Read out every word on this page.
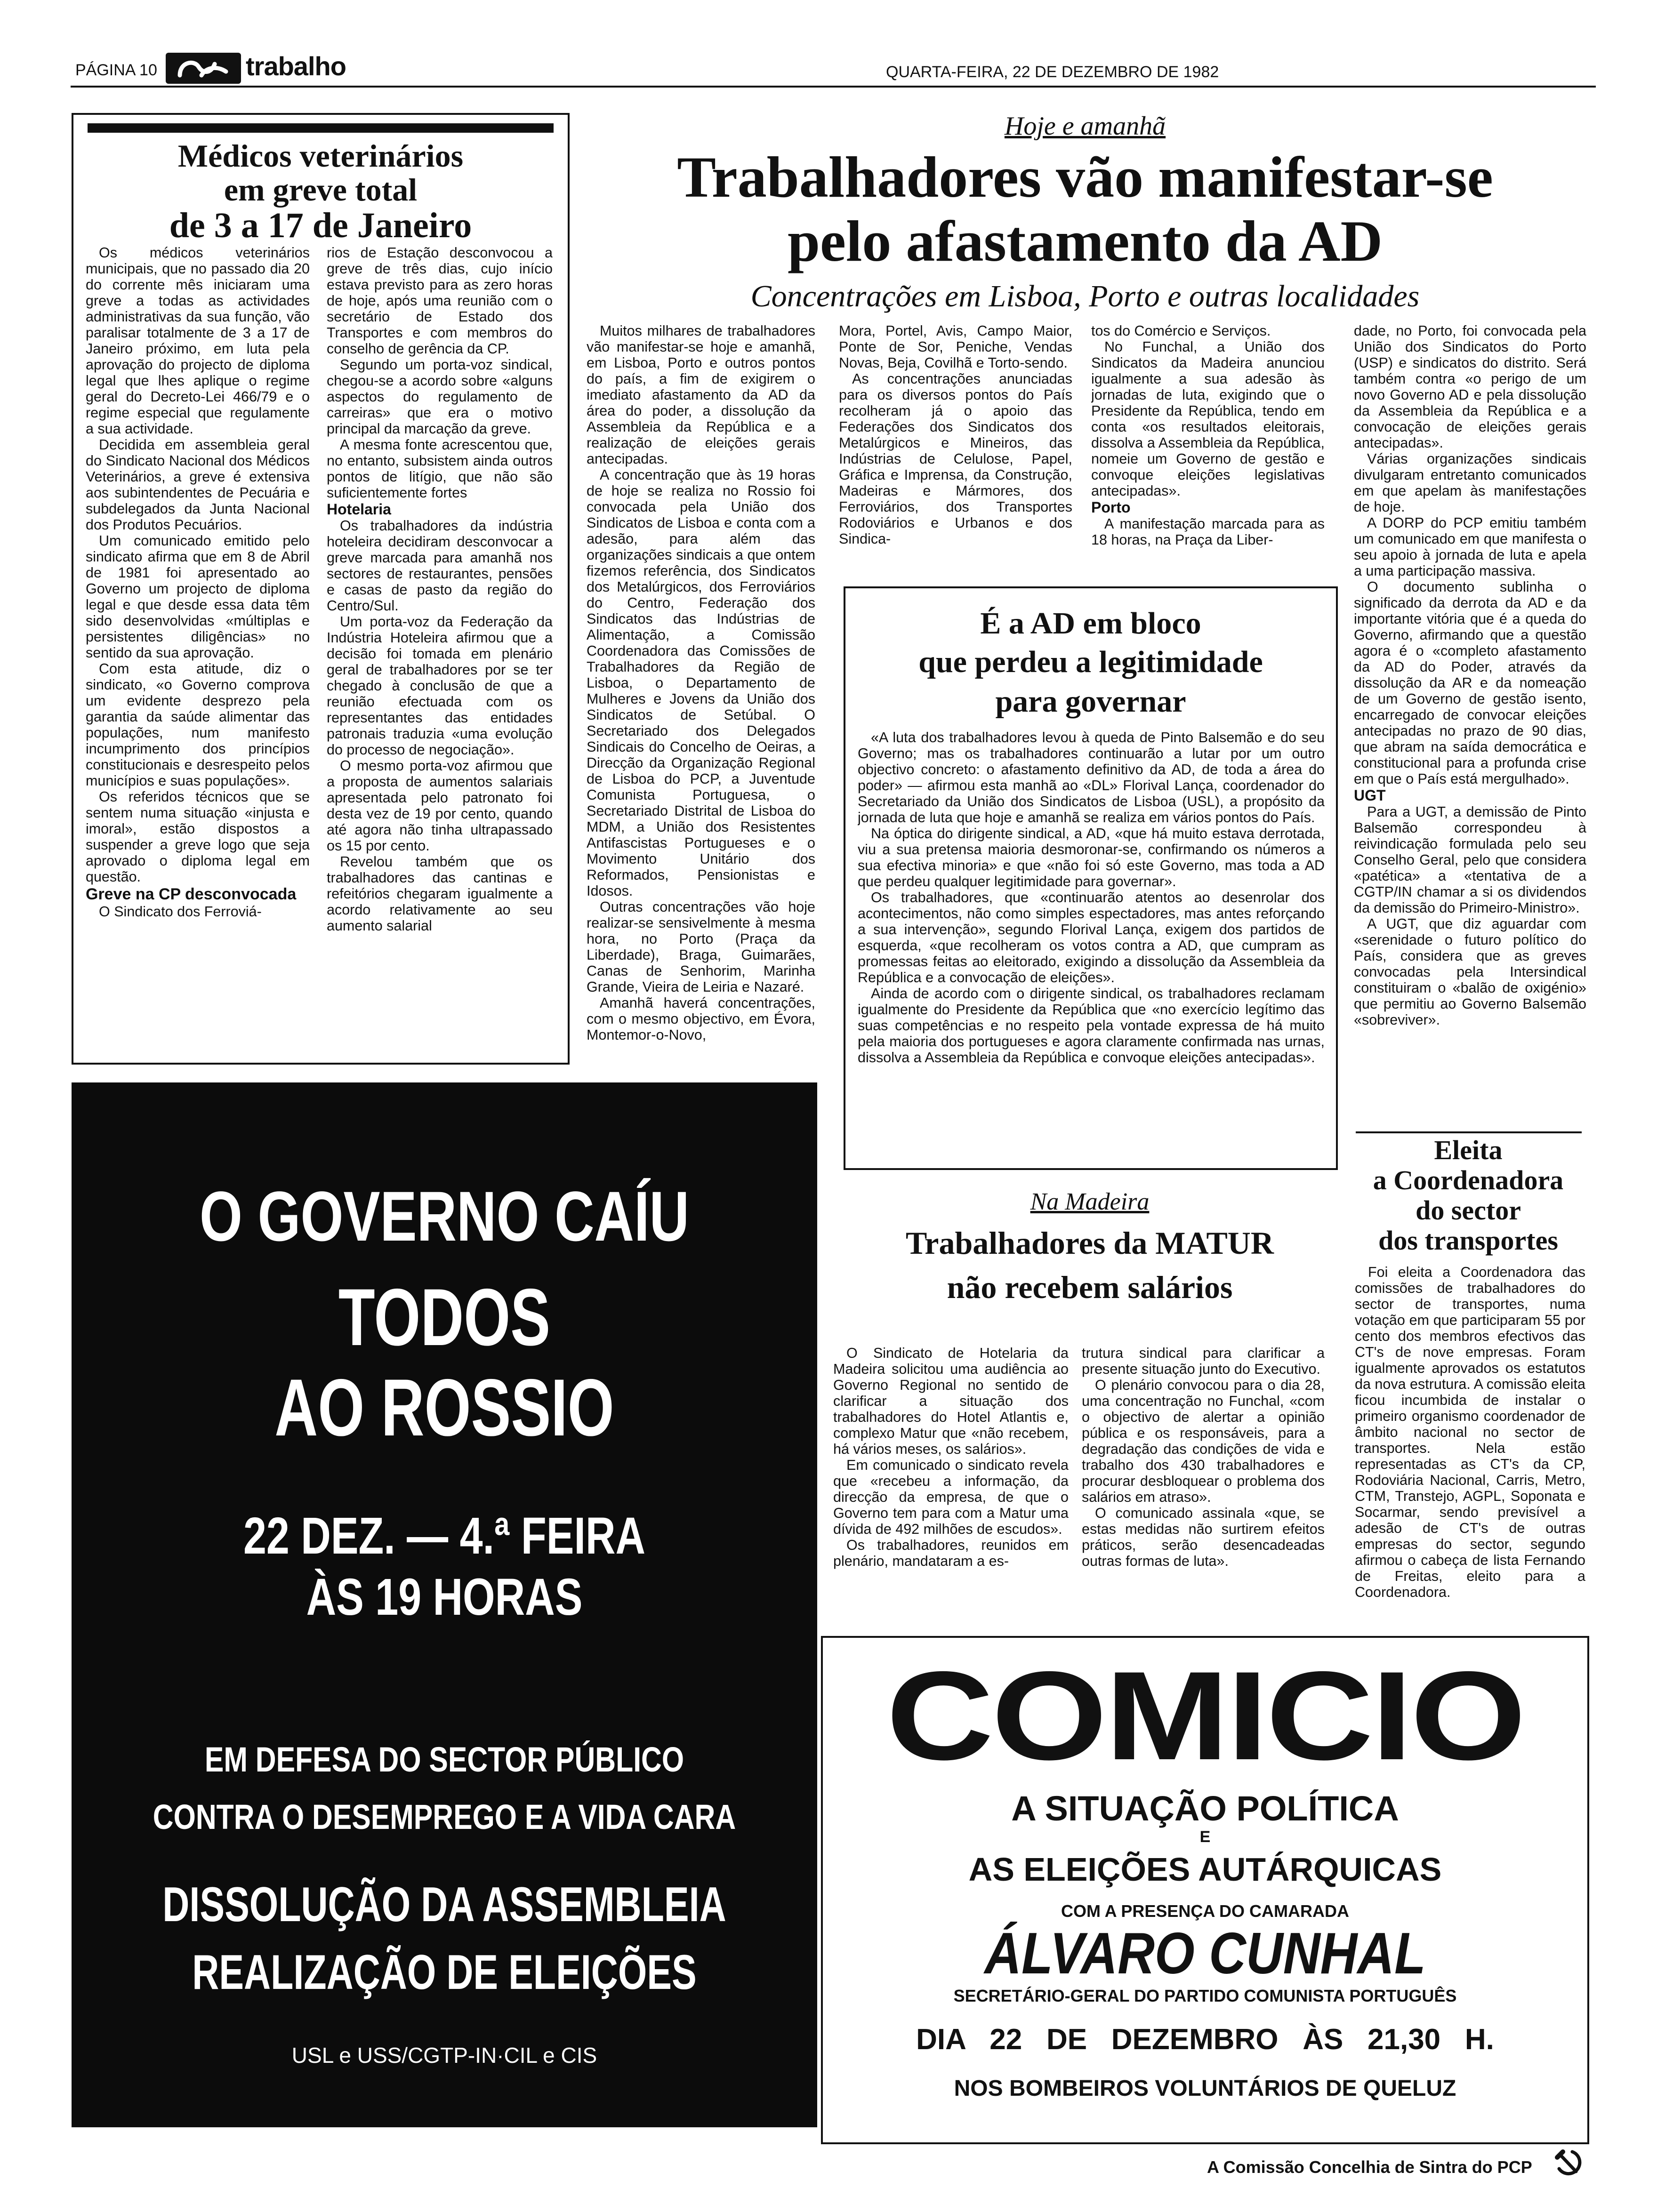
PÁGINA 10	trabalho	QUARTA-FEIRA, 22 DE DEZEMBRO DE 1982
Médicos veterinários
em greve total
de 3 a 17 de Janeiro

Os médicos veterinários municipais, que no passado dia 20 do corrente mês iniciaram uma greve a todas as actividades administrativas da sua função, vão paralisar totalmente de 3 a 17 de Janeiro próximo, em luta pela aprovação do projecto de diploma legal que lhes aplique o regime geral do Decreto-Lei 466/79 e o regime especial que regulamente a sua actividade.

Decidida em assembleia geral do Sindicato Nacional dos Médicos Veterinários, a greve é extensiva aos subintendentes de Pecuária e subdelegados da Junta Nacional dos Produtos Pecuários.

Um comunicado emitido pelo sindicato afirma que em 8 de Abril de 1981 foi apresentado ao Governo um projecto de diploma legal e que desde essa data têm sido desenvolvidas «múltiplas e persistentes diligências» no sentido da sua aprovação.

Com esta atitude, diz o sindicato, «o Governo comprova um evidente desprezo pela garantia da saúde alimentar das populações, num manifesto incumprimento dos princípios constitucionais e desrespeito pelos municípios e suas populações».

Os referidos técnicos que se sentem numa situação «injusta e imoral», estão dispostos a suspender a greve logo que seja aprovado o diploma legal em questão.

Greve na CP desconvocada

O Sindicato dos Ferroviá-

rios de Estação desconvocou a greve de três dias, cujo início estava previsto para as zero horas de hoje, após uma reunião com o secretário de Estado dos Transportes e com membros do conselho de gerência da CP.

Segundo um porta-voz sindical, chegou-se a acordo sobre «alguns aspectos do regulamento de carreiras» que era o motivo principal da marcação da greve.

A mesma fonte acrescentou que, no entanto, subsistem ainda outros pontos de litígio, que não são suficientemente fortes

Hotelaria

Os trabalhadores da indústria hoteleira decidiram desconvocar a greve marcada para amanhã nos sectores de restaurantes, pensões e casas de pasto da região do Centro/Sul.

Um porta-voz da Federação da Indústria Hoteleira afirmou que a decisão foi tomada em plenário geral de trabalhadores por se ter chegado à conclusão de que a reunião efectuada com os representantes das entidades patronais traduzia «uma evolução do processo de negociação».

O mesmo porta-voz afirmou que a proposta de aumentos salariais apresentada pelo patronato foi desta vez de 19 por cento, quando até agora não tinha ultrapassado os 15 por cento.

Revelou também que os trabalhadores das cantinas e refeitórios chegaram igualmente a acordo relativamente ao seu aumento salarial

Hoje e amanhã
Trabalhadores vão manifestar-se
pelo afastamento da AD
Concentrações em Lisboa, Porto e outras localidades

Muitos milhares de trabalhadores vão manifestar-se hoje e amanhã, em Lisboa, Porto e outros pontos do país, a fim de exigirem o imediato afastamento da AD da área do poder, a dissolução da Assembleia da República e a realização de eleições gerais antecipadas.

A concentração que às 19 horas de hoje se realiza no Rossio foi convocada pela União dos Sindicatos de Lisboa e conta com a adesão, para além das organizações sindicais a que ontem fizemos referência, dos Sindicatos dos Metalúrgicos, dos Ferroviários do Centro, Federação dos Sindicatos das Indústrias de Alimentação, a Comissão Coordenadora das Comissões de Trabalhadores da Região de Lisboa, o Departamento de Mulheres e Jovens da União dos Sindicatos de Setúbal. O Secretariado dos Delegados Sindicais do Concelho de Oeiras, a Direcção da Organização Regional de Lisboa do PCP, a Juventude Comunista Portuguesa, o Secretariado Distrital de Lisboa do MDM, a União dos Resistentes Antifascistas Portugueses e o Movimento Unitário dos Reformados, Pensionistas e Idosos.

Outras concentrações vão hoje realizar-se sensivelmente à mesma hora, no Porto (Praça da Liberdade), Braga, Guimarães, Canas de Senhorim, Marinha Grande, Vieira de Leiria e Nazaré.

Amanhã haverá concentrações, com o mesmo objectivo, em Évora, Montemor-o-Novo,

Mora, Portel, Avis, Campo Maior, Ponte de Sor, Peniche, Vendas Novas, Beja, Covilhã e Torto-sendo.

As concentrações anunciadas para os diversos pontos do País recolheram já o apoio das Federações dos Sindicatos dos Metalúrgicos e Mineiros, das Indústrias de Celulose, Papel, Gráfica e Imprensa, da Construção, Madeiras e Mármores, dos Ferroviários, dos Transportes Rodoviários e Urbanos e dos Sindica-

tos do Comércio e Serviços.

No Funchal, a União dos Sindicatos da Madeira anunciou igualmente a sua adesão às jornadas de luta, exigindo que o Presidente da República, tendo em conta «os resultados eleitorais, dissolva a Assembleia da República, nomeie um Governo de gestão e convoque eleições legislativas antecipadas».

Porto

A manifestação marcada para as 18 horas, na Praça da Liber-

dade, no Porto, foi convocada pela União dos Sindicatos do Porto (USP) e sindicatos do distrito. Será também contra «o perigo de um novo Governo AD e pela dissolução da Assembleia da República e a convocação de eleições gerais antecipadas».

Várias organizações sindicais divulgaram entretanto comunicados em que apelam às manifestações de hoje.

A DORP do PCP emitiu também um comunicado em que manifesta o seu apoio à jornada de luta e apela a uma participação massiva.

O documento sublinha o significado da derrota da AD e da importante vitória que é a queda do Governo, afirmando que a questão agora é o «completo afastamento da AD do Poder, através da dissolução da AR e da nomeação de um Governo de gestão isento, encarregado de convocar eleições antecipadas no prazo de 90 dias, que abram na saída democrática e constitucional para a profunda crise em que o País está mergulhado».

UGT

Para a UGT, a demissão de Pinto Balsemão correspondeu à reivindicação formulada pelo seu Conselho Geral, pelo que considera «patética» a «tentativa de a CGTP/IN chamar a si os dividendos da demissão do Primeiro-Ministro».

A UGT, que diz aguardar com «serenidade o futuro político do País, considera que as greves convocadas pela Intersindical constituiram o «balão de oxigénio» que permitiu ao Governo Balsemão «sobreviver».

É a AD em bloco
que perdeu a legitimidade
para governar

«A luta dos trabalhadores levou à queda de Pinto Balsemão e do seu Governo; mas os trabalhadores continuarão a lutar por um outro objectivo concreto: o afastamento definitivo da AD, de toda a área do poder» — afirmou esta manhã ao «DL» Florival Lança, coordenador do Secretariado da União dos Sindicatos de Lisboa (USL), a propósito da jornada de luta que hoje e amanhã se realiza em vários pontos do País.

Na óptica do dirigente sindical, a AD, «que há muito estava derrotada, viu a sua pretensa maioria desmoronar-se, confirmando os números a sua efectiva minoria» e que «não foi só este Governo, mas toda a AD que perdeu qualquer legitimidade para governar».

Os trabalhadores, que «continuarão atentos ao desenrolar dos acontecimentos, não como simples espectadores, mas antes reforçando a sua intervenção», segundo Florival Lança, exigem dos partidos de esquerda, «que recolheram os votos contra a AD, que cumpram as promessas feitas ao eleitorado, exigindo a dissolução da Assembleia da República e a convocação de eleições».

Ainda de acordo com o dirigente sindical, os trabalhadores reclamam igualmente do Presidente da República que «no exercício legítimo das suas competências e no respeito pela vontade expressa de há muito pela maioria dos portugueses e agora claramente confirmada nas urnas, dissolva a Assembleia da República e convoque eleições antecipadas».

O GOVERNO CAÍU
TODOS
AO ROSSIO
22 DEZ. — 4.ª FEIRA
ÀS 19 HORAS
EM DEFESA DO SECTOR PÚBLICO
CONTRA O DESEMPREGO E A VIDA CARA
DISSOLUÇÃO DA ASSEMBLEIA
REALIZAÇÃO DE ELEIÇÕES
USL e USS/CGTP-IN·CIL e CIS
Na Madeira
Trabalhadores da MATUR
não recebem salários

O Sindicato de Hotelaria da Madeira solicitou uma audiência ao Governo Regional no sentido de clarificar a situação dos trabalhadores do Hotel Atlantis e, complexo Matur que «não recebem, há vários meses, os salários».

Em comunicado o sindicato revela que «recebeu a informação, da direcção da empresa, de que o Governo tem para com a Matur uma dívida de 492 milhões de escudos».

Os trabalhadores, reunidos em plenário, mandataram a es-

trutura sindical para clarificar a presente situação junto do Executivo.

O plenário convocou para o dia 28, uma concentração no Funchal, «com o objectivo de alertar a opinião pública e os responsáveis, para a degradação das condições de vida e trabalho dos 430 trabalhadores e procurar desbloquear o problema dos salários em atraso».

O comunicado assinala «que, se estas medidas não surtirem efeitos práticos, serão desencadeadas outras formas de luta».

Eleita
a Coordenadora
do sector
dos transportes

Foi eleita a Coordenadora das comissões de trabalhadores do sector de transportes, numa votação em que participaram 55 por cento dos membros efectivos das CT's de nove empresas. Foram igualmente aprovados os estatutos da nova estrutura. A comissão eleita ficou incumbida de instalar o primeiro organismo coordenador de âmbito nacional no sector de transportes. Nela estão representadas as CT's da CP, Rodoviária Nacional, Carris, Metro, CTM, Transtejo, AGPL, Soponata e Socarmar, sendo previsível a adesão de CT's de outras empresas do sector, segundo afirmou o cabeça de lista Fernando de Freitas, eleito para a Coordenadora.

COMICIO
A SITUAÇÃO POLÍTICA
E
AS ELEIÇÕES AUTÁRQUICAS
COM A PRESENÇA DO CAMARADA
ÁLVARO CUNHAL
SECRETÁRIO-GERAL DO PARTIDO COMUNISTA PORTUGUÊS
DIA   22   DE   DEZEMBRO   ÀS   21,30   H.
NOS BOMBEIROS VOLUNTÁRIOS DE QUELUZ
A Comissão Concelhia de Sintra do PCP
